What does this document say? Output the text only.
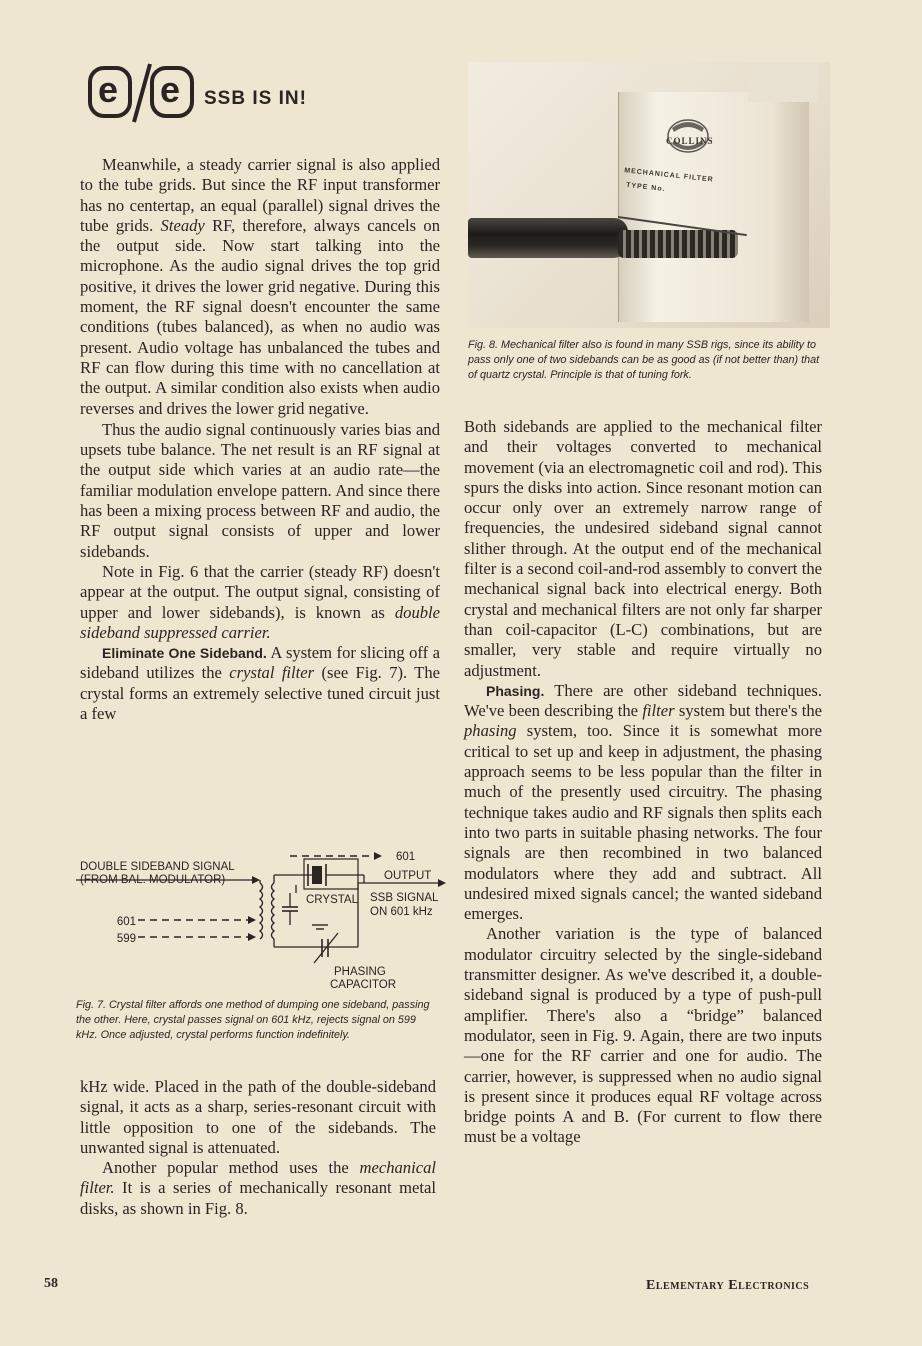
e e SSB IS IN!

Meanwhile, a steady carrier signal is also applied to the tube grids. But since the RF input transformer has no centertap, an equal (parallel) signal drives the tube grids. Steady RF, therefore, always cancels on the output side. Now start talking into the microphone. As the audio signal drives the top grid positive, it drives the lower grid negative. During this moment, the RF signal doesn't encounter the same conditions (tubes balanced), as when no audio was present. Audio voltage has unbalanced the tubes and RF can flow during this time with no cancellation at the output. A similar condition also exists when audio reverses and drives the lower grid negative.

Thus the audio signal continuously varies bias and upsets tube balance. The net result is an RF signal at the output side which varies at an audio rate—the familiar modulation envelope pattern. And since there has been a mixing process between RF and audio, the RF output signal consists of upper and lower sidebands.

Note in Fig. 6 that the carrier (steady RF) doesn't appear at the output. The output signal, consisting of upper and lower sidebands), is known as double sideband suppressed carrier.

Eliminate One Sideband. A system for slicing off a sideband utilizes the crystal filter (see Fig. 7). The crystal forms an extremely selective tuned circuit just a few

601
DOUBLE SIDEBAND SIGNAL
(FROM BAL. MODULATOR)	OUTPUT
CRYSTAL SSB SIGNAL
ON 601 kHz
601
599
PHASING
CAPACITOR
Fig. 7. Crystal filter affords one method of dumping one sideband, passing the other. Here, crystal passes signal on 601 kHz, rejects signal on 599 kHz. Once adjusted, crystal performs function indefinitely.

kHz wide. Placed in the path of the double-sideband signal, it acts as a sharp, series-resonant circuit with little opposition to one of the sidebands. The unwanted signal is attenuated.

Another popular method uses the mechanical filter. It is a series of mechanically resonant metal disks, as shown in Fig. 8.

COLLINS
MECHANICAL FILTER
TYPE No.
Fig. 8. Mechanical filter also is found in many SSB rigs, since its ability to pass only one of two sidebands can be as good as (if not better than) that of quartz crystal. Principle is that of tuning fork.

Both sidebands are applied to the mechanical filter and their voltages converted to mechanical movement (via an electromagnetic coil and rod). This spurs the disks into action. Since resonant motion can occur only over an extremely narrow range of frequencies, the undesired sideband signal cannot slither through. At the output end of the mechanical filter is a second coil-and-rod assembly to convert the mechanical signal back into electrical energy. Both crystal and mechanical filters are not only far sharper than coil-capacitor (L-C) combinations, but are smaller, very stable and require virtually no adjustment.

Phasing. There are other sideband techniques. We've been describing the filter system but there's the phasing system, too. Since it is somewhat more critical to set up and keep in adjustment, the phasing approach seems to be less popular than the filter in much of the presently used circuitry. The phasing technique takes audio and RF signals then splits each into two parts in suitable phasing networks. The four signals are then recombined in two balanced modulators where they add and subtract. All undesired mixed signals cancel; the wanted sideband emerges.

Another variation is the type of balanced modulator circuitry selected by the single-sideband transmitter designer. As we've described it, a double-sideband signal is produced by a type of push-pull amplifier. There's also a “bridge” balanced modulator, seen in Fig. 9. Again, there are two inputs—one for the RF carrier and one for audio. The carrier, however, is suppressed when no audio signal is present since it produces equal RF voltage across bridge points A and B. (For current to flow there must be a voltage

58	Elementary Electronics
